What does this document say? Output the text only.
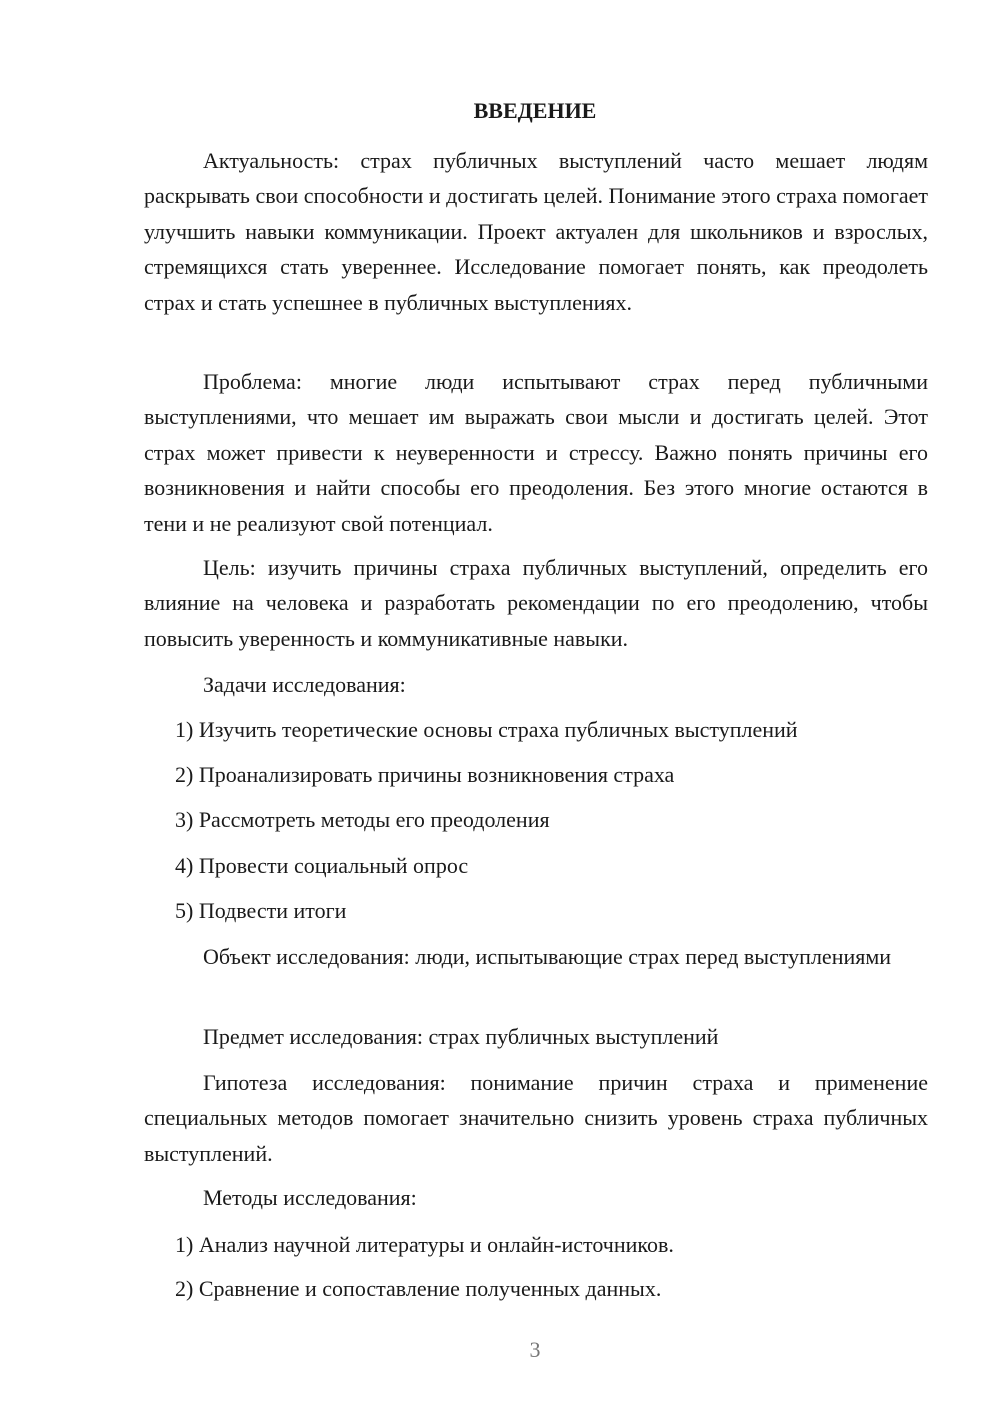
ВВЕДЕНИЕ

Актуальность: страх публичных выступлений часто мешает людям раскрывать свои способности и достигать целей. Понимание этого страха помогает улучшить навыки коммуникации. Проект актуален для школьников и взрослых, стремящихся стать увереннее. Исследование помогает понять, как преодолеть страх и стать успешнее в публичных выступлениях.

Проблема: многие люди испытывают страх перед публичными выступлениями, что мешает им выражать свои мысли и достигать целей. Этот страх может привести к неуверенности и стрессу. Важно понять причины его возникновения и найти способы его преодоления. Без этого многие остаются в тени и не реализуют свой потенциал.

Цель: изучить причины страха публичных выступлений, определить его влияние на человека и разработать рекомендации по его преодолению, чтобы повысить уверенность и коммуникативные навыки.

Задачи исследования:
1) Изучить теоретические основы страха публичных выступлений
2) Проанализировать причины возникновения страха
3) Рассмотреть методы его преодоления
4) Провести социальный опрос
5) Подвести итоги

Объект исследования: люди, испытывающие страх перед выступлениями

Предмет исследования: страх публичных выступлений

Гипотеза исследования: понимание причин страха и применение специальных методов помогает значительно снизить уровень страха публичных выступлений.

Методы исследования:
1) Анализ научной литературы и онлайн-источников.
2) Сравнение и сопоставление полученных данных.
3
